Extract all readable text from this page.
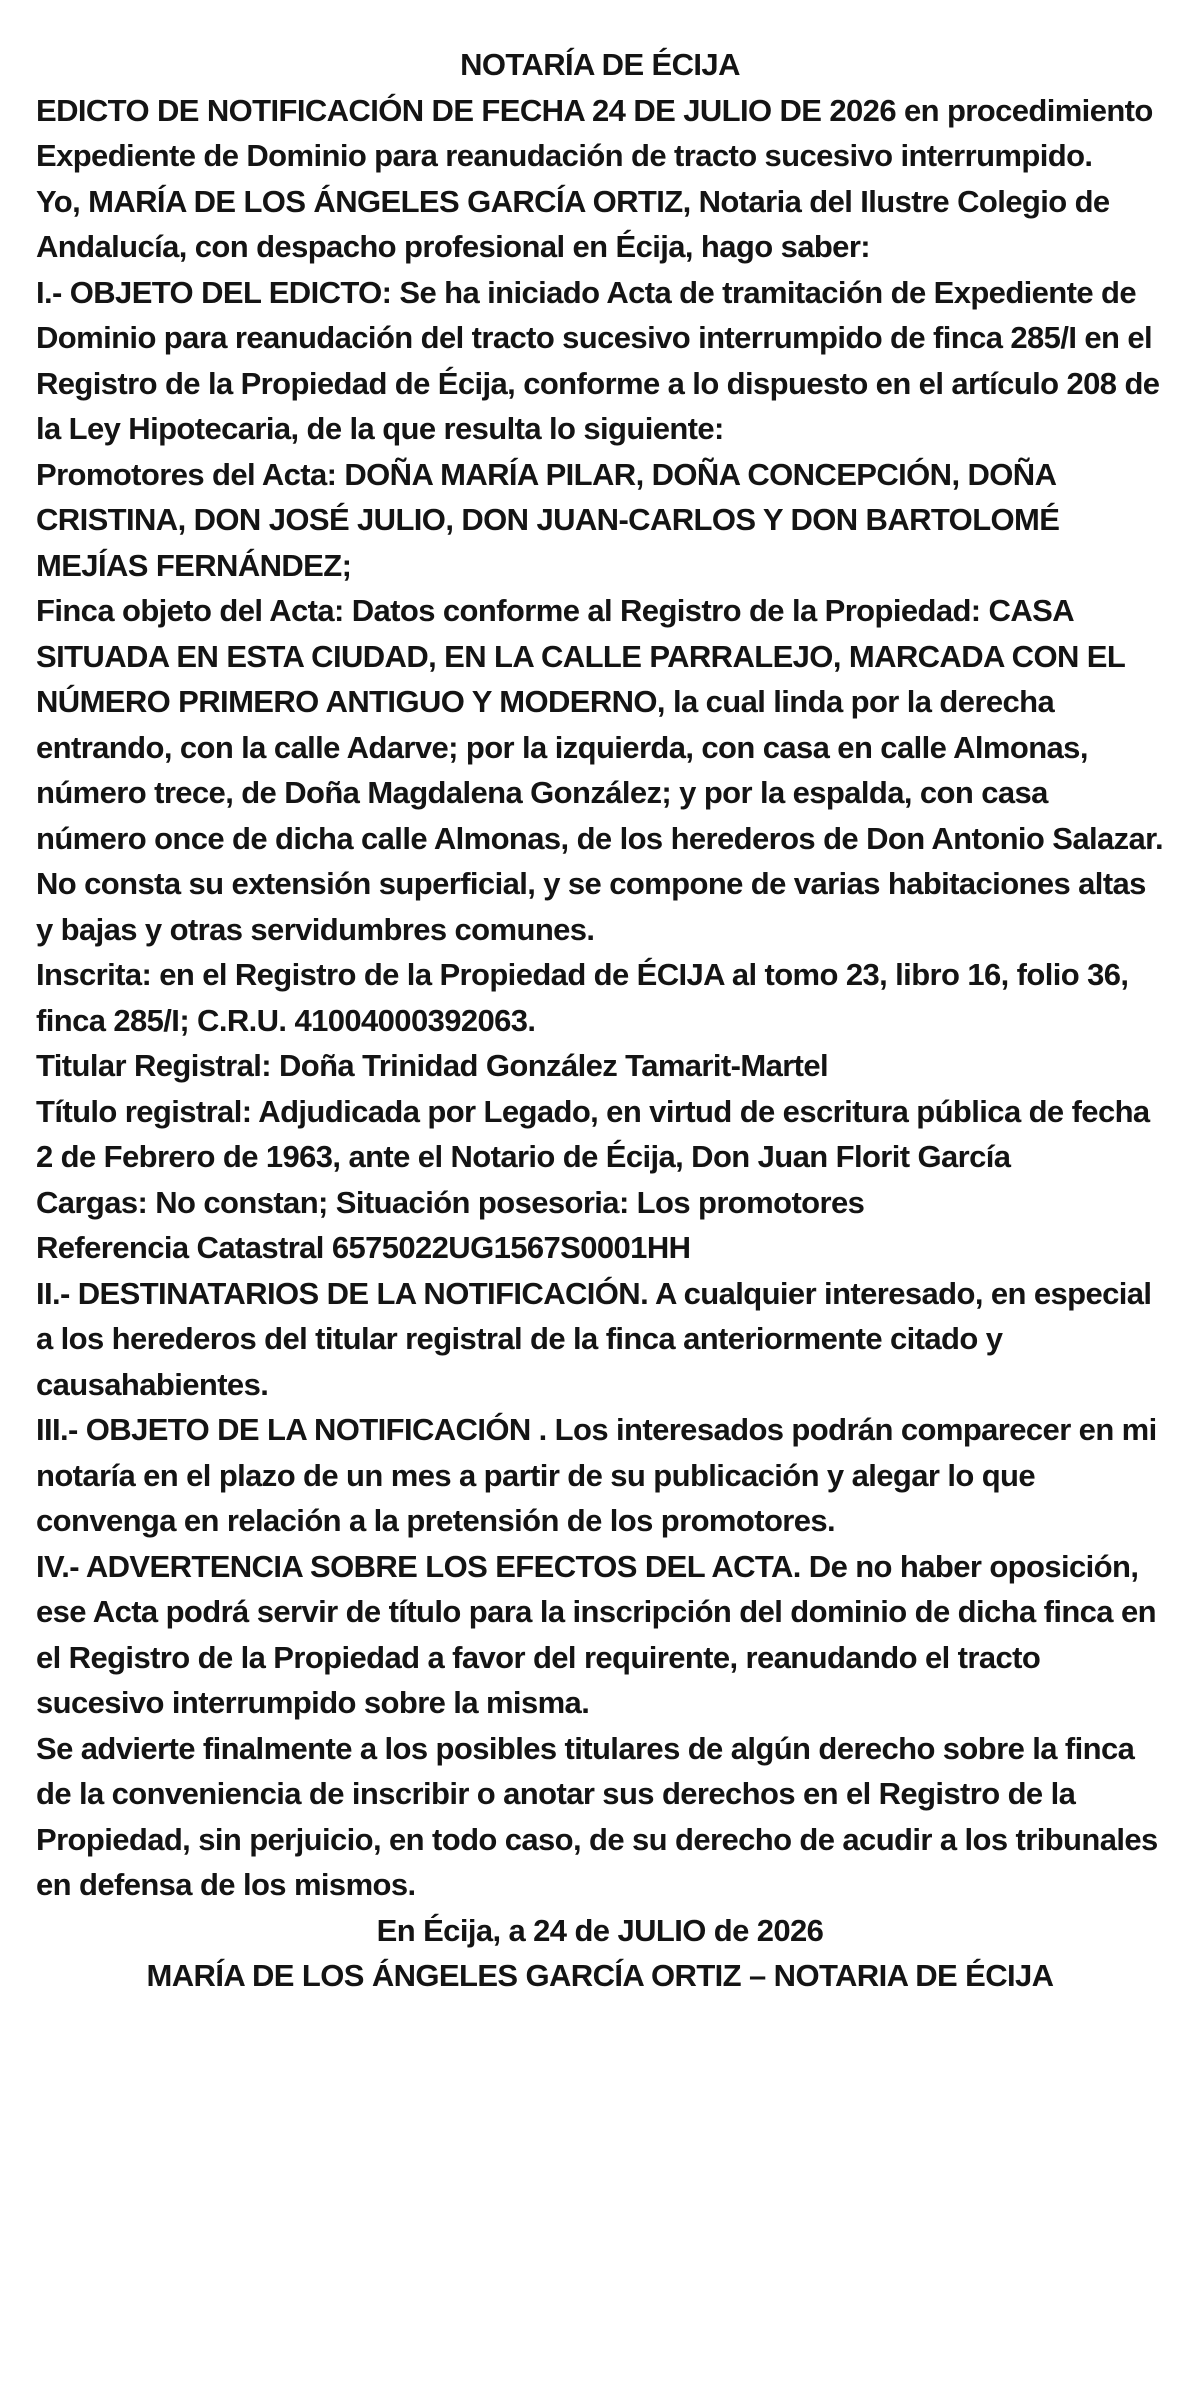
NOTARÍA DE ÉCIJA

EDICTO DE NOTIFICACIÓN DE FECHA 24 DE JULIO DE 2026 en procedimiento Expediente de Dominio para reanudación de tracto sucesivo interrumpido.

Yo, MARÍA DE LOS ÁNGELES GARCÍA ORTIZ, Notaria del Ilustre Colegio de Andalucía, con despacho profesional en Écija, hago saber:

I.- OBJETO DEL EDICTO: Se ha iniciado Acta de tramitación de Expediente de Dominio para reanudación del tracto sucesivo interrumpido de finca 285/I en el Registro de la Propiedad de Écija, conforme a lo dispuesto en el artículo 208 de la Ley Hipotecaria, de la que resulta lo siguiente:

Promotores del Acta: DOÑA MARÍA PILAR, DOÑA CONCEPCIÓN, DOÑA CRISTINA, DON JOSÉ JULIO, DON JUAN-CARLOS Y DON BARTOLOMÉ MEJÍAS FERNÁNDEZ;

Finca objeto del Acta: Datos conforme al Registro de la Propiedad: CASA SITUADA EN ESTA CIUDAD, EN LA CALLE PARRALEJO, MARCADA CON EL NÚMERO PRIMERO ANTIGUO Y MODERNO, la cual linda por la derecha entrando, con la calle Adarve; por la izquierda, con casa en calle Almonas, número trece, de Doña Magdalena González; y por la espalda, con casa número once de dicha calle Almonas, de los herederos de Don Antonio Salazar.

No consta su extensión superficial, y se compone de varias habitaciones altas y bajas y otras servidumbres comunes.

Inscrita: en el Registro de la Propiedad de ÉCIJA al tomo 23, libro 16, folio 36, finca 285/I; C.R.U. 41004000392063.

Titular Registral: Doña Trinidad González Tamarit-Martel

Título registral: Adjudicada por Legado, en virtud de escritura pública de fecha 2 de Febrero de 1963, ante el Notario de Écija, Don Juan Florit García

Cargas: No constan; Situación posesoria: Los promotores

Referencia Catastral 6575022UG1567S0001HH

II.- DESTINATARIOS DE LA NOTIFICACIÓN. A cualquier interesado, en especial a los herederos del titular registral de la finca anteriormente citado y causahabientes.

III.- OBJETO DE LA NOTIFICACIÓN . Los interesados podrán comparecer en mi notaría en el plazo de un mes a partir de su publicación y alegar lo que convenga en relación a la pretensión de los promotores.

IV.- ADVERTENCIA SOBRE LOS EFECTOS DEL ACTA. De no haber oposición, ese Acta podrá servir de título para la inscripción del dominio de dicha finca en el Registro de la Propiedad a favor del requirente, reanudando el tracto sucesivo interrumpido sobre la misma.

Se advierte finalmente a los posibles titulares de algún derecho sobre la finca de la conveniencia de inscribir o anotar sus derechos en el Registro de la Propiedad, sin perjuicio, en todo caso, de su derecho de acudir a los tribunales en defensa de los mismos.

En Écija, a 24 de JULIO de 2026

MARÍA DE LOS ÁNGELES GARCÍA ORTIZ – NOTARIA DE ÉCIJA
